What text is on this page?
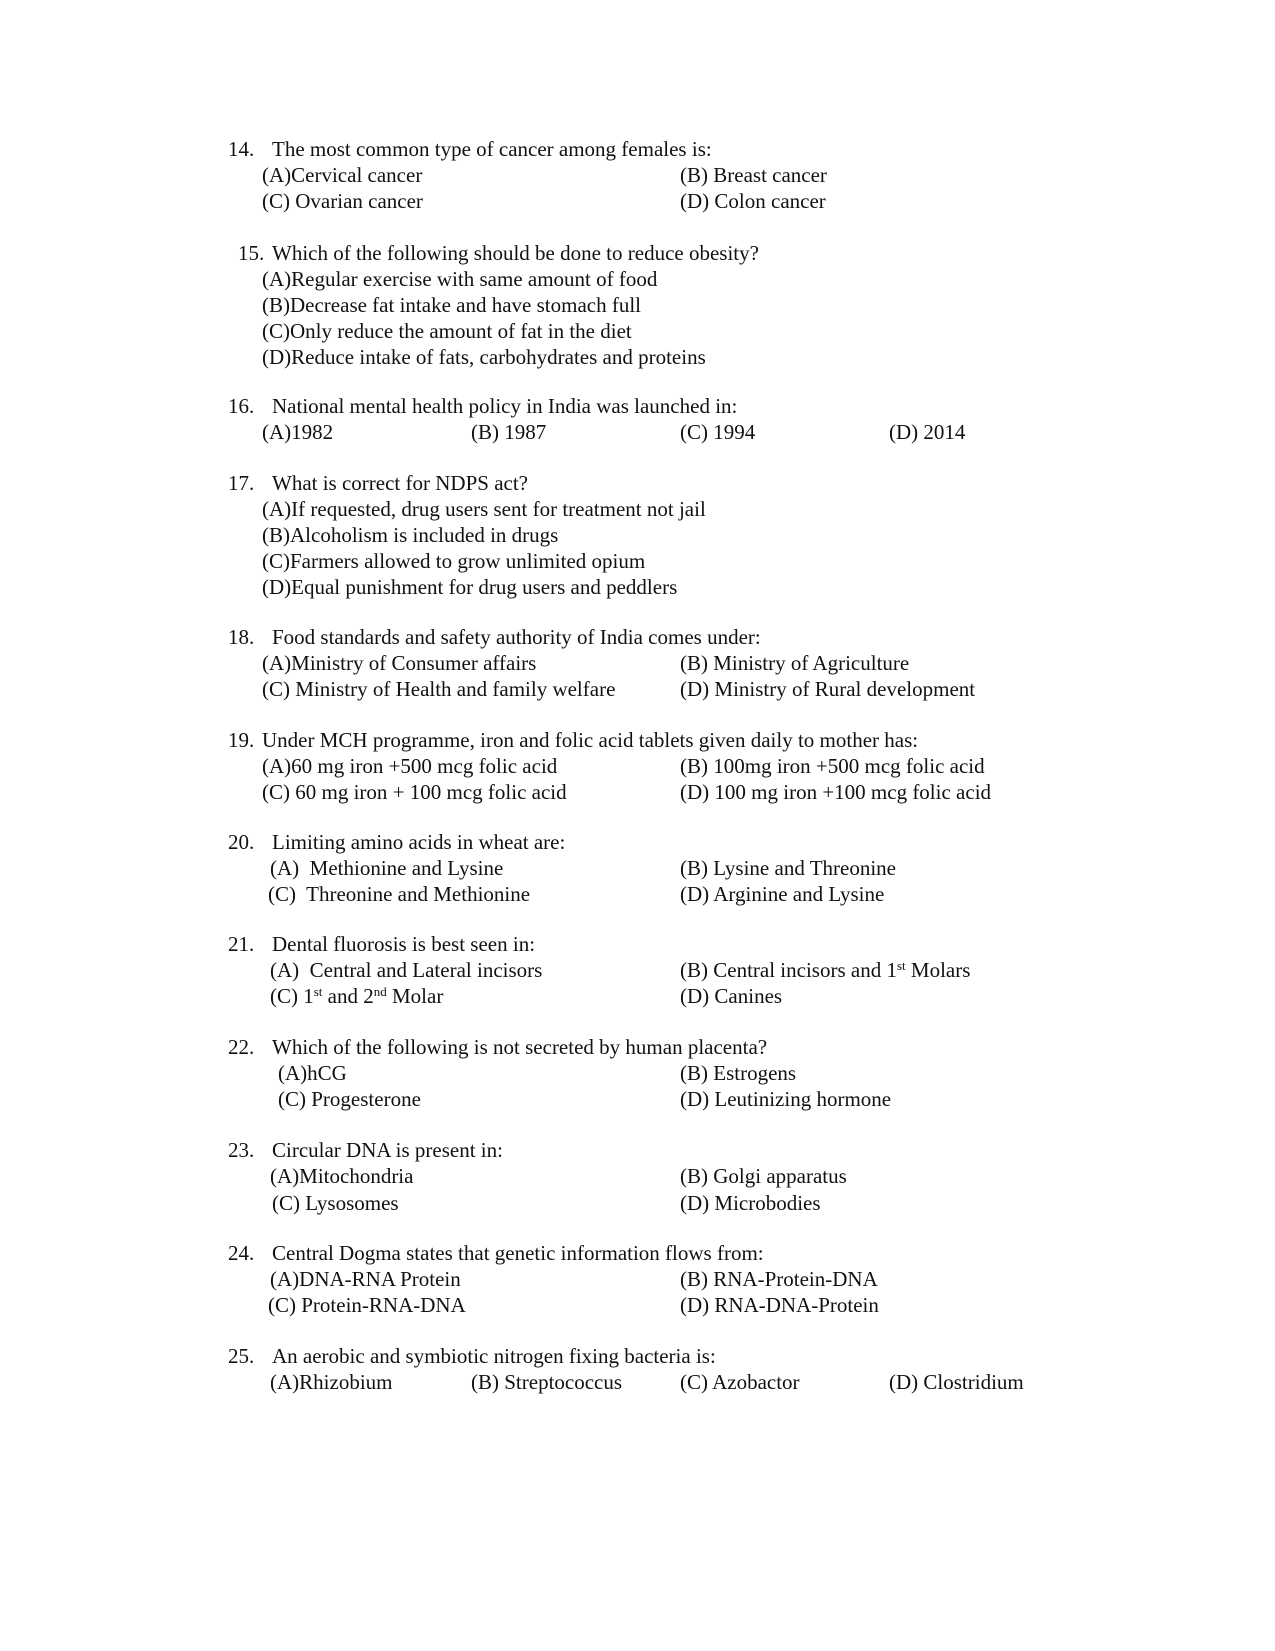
14. The most common type of cancer among females is:
(A)Cervical cancer	(B) Breast cancer
(C) Ovarian cancer	(D) Colon cancer
15. Which of the following should be done to reduce obesity?
(A)Regular exercise with same amount of food
(B)Decrease fat intake and have stomach full
(C)Only reduce the amount of fat in the diet
(D)Reduce intake of fats, carbohydrates and proteins
16. National mental health policy in India was launched in:
(A)1982	(B) 1987	(C) 1994	(D) 2014
17. What is correct for NDPS act?
(A)If requested, drug users sent for treatment not jail
(B)Alcoholism is included in drugs
(C)Farmers allowed to grow unlimited opium
(D)Equal punishment for drug users and peddlers
18. Food standards and safety authority of India comes under:
(A)Ministry of Consumer affairs	(B) Ministry of Agriculture
(C) Ministry of Health and family welfare	(D) Ministry of Rural development
19. Under MCH programme, iron and folic acid tablets given daily to mother has:
(A)60 mg iron +500 mcg folic acid	(B) 100mg iron +500 mcg folic acid
(C) 60 mg iron + 100 mcg folic acid	(D) 100 mg iron +100 mcg folic acid
20. Limiting amino acids in wheat are:
(A) Methionine and Lysine	(B) Lysine and Threonine
(C) Threonine and Methionine	(D) Arginine and Lysine
21. Dental fluorosis is best seen in:
(A) Central and Lateral incisors	(B) Central incisors and 1st Molars
(C) 1st and 2nd Molar	(D) Canines
22. Which of the following is not secreted by human placenta?
(A)hCG	(B) Estrogens
(C) Progesterone	(D) Leutinizing hormone
23. Circular DNA is present in:
(A)Mitochondria	(B) Golgi apparatus
(C) Lysosomes	(D) Microbodies
24. Central Dogma states that genetic information flows from:
(A)DNA-RNA Protein	(B) RNA-Protein-DNA
(C) Protein-RNA-DNA	(D) RNA-DNA-Protein
25. An aerobic and symbiotic nitrogen fixing bacteria is:
(A)Rhizobium	(B) Streptococcus	(C) Azobactor	(D) Clostridium
